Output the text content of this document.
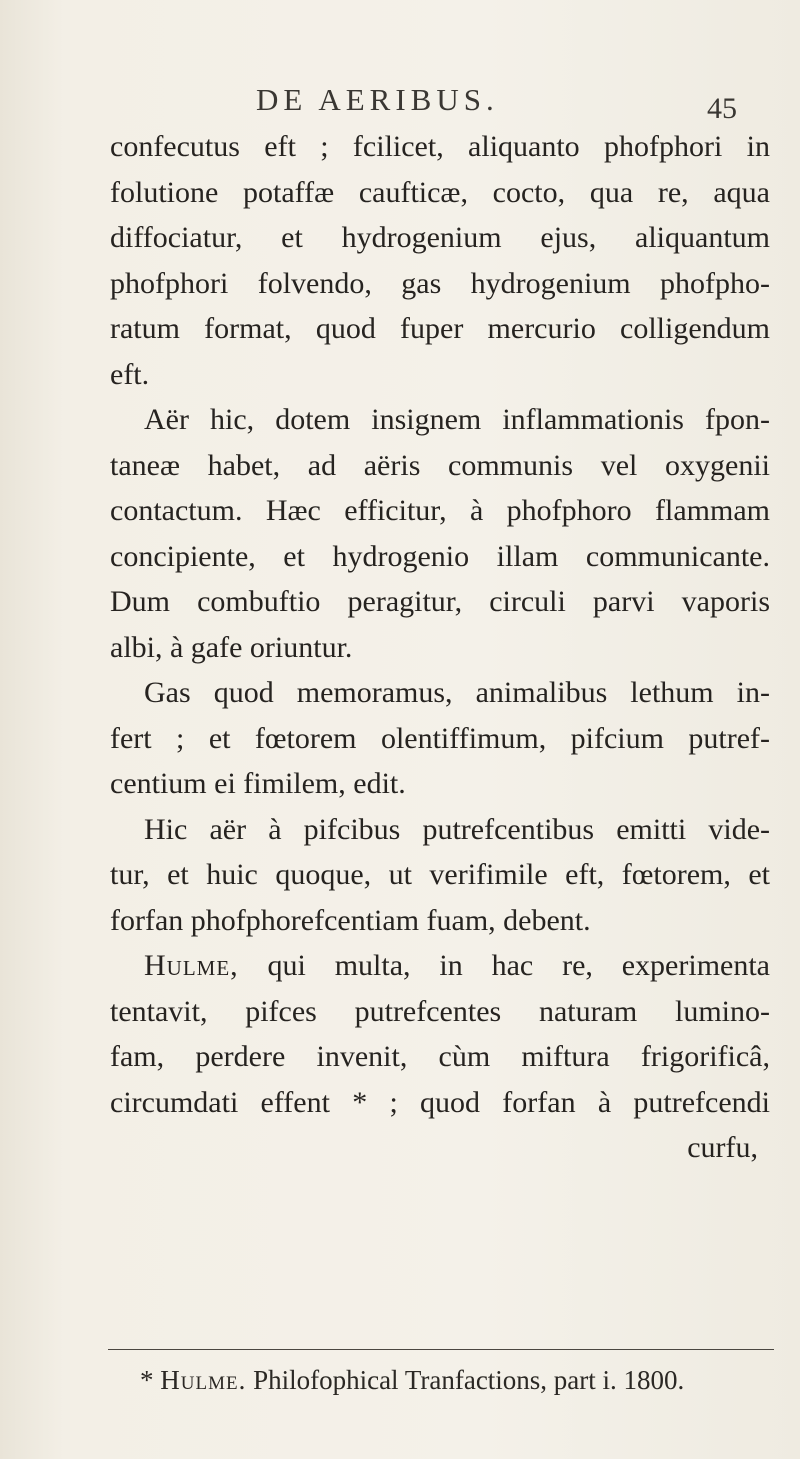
DE AERIBUS.	45
confecutus eft ; fcilicet, aliquanto phofphori in
folutione potaffæ caufticæ, cocto, qua re, aqua
diffociatur, et hydrogenium ejus, aliquantum
phofphori folvendo, gas hydrogenium phofpho-
ratum format, quod fuper mercurio colligendum
eft.
Aër hic, dotem insignem inflammationis fpon-
taneæ habet, ad aëris communis vel oxygenii
contactum. Hæc efficitur, à phofphoro flammam
concipiente, et hydrogenio illam communicante.
Dum combuftio peragitur, circuli parvi vaporis
albi, à gafe oriuntur.
Gas quod memoramus, animalibus lethum in-
fert ; et fœtorem olentiffimum, pifcium putref-
centium ei fimilem, edit.
Hic aër à pifcibus putrefcentibus emitti vide-
tur, et huic quoque, ut verifimile eft, fœtorem, et
forfan phofphorefcentiam fuam, debent.
Hulme, qui multa, in hac re, experimenta
tentavit, pifces putrefcentes naturam lumino-
fam, perdere invenit, cùm miftura frigorificâ,
circumdati effent * ; quod forfan à putrefcendi
curfu,
* Hulme. Philofophical Tranfactions, part i. 1800.
